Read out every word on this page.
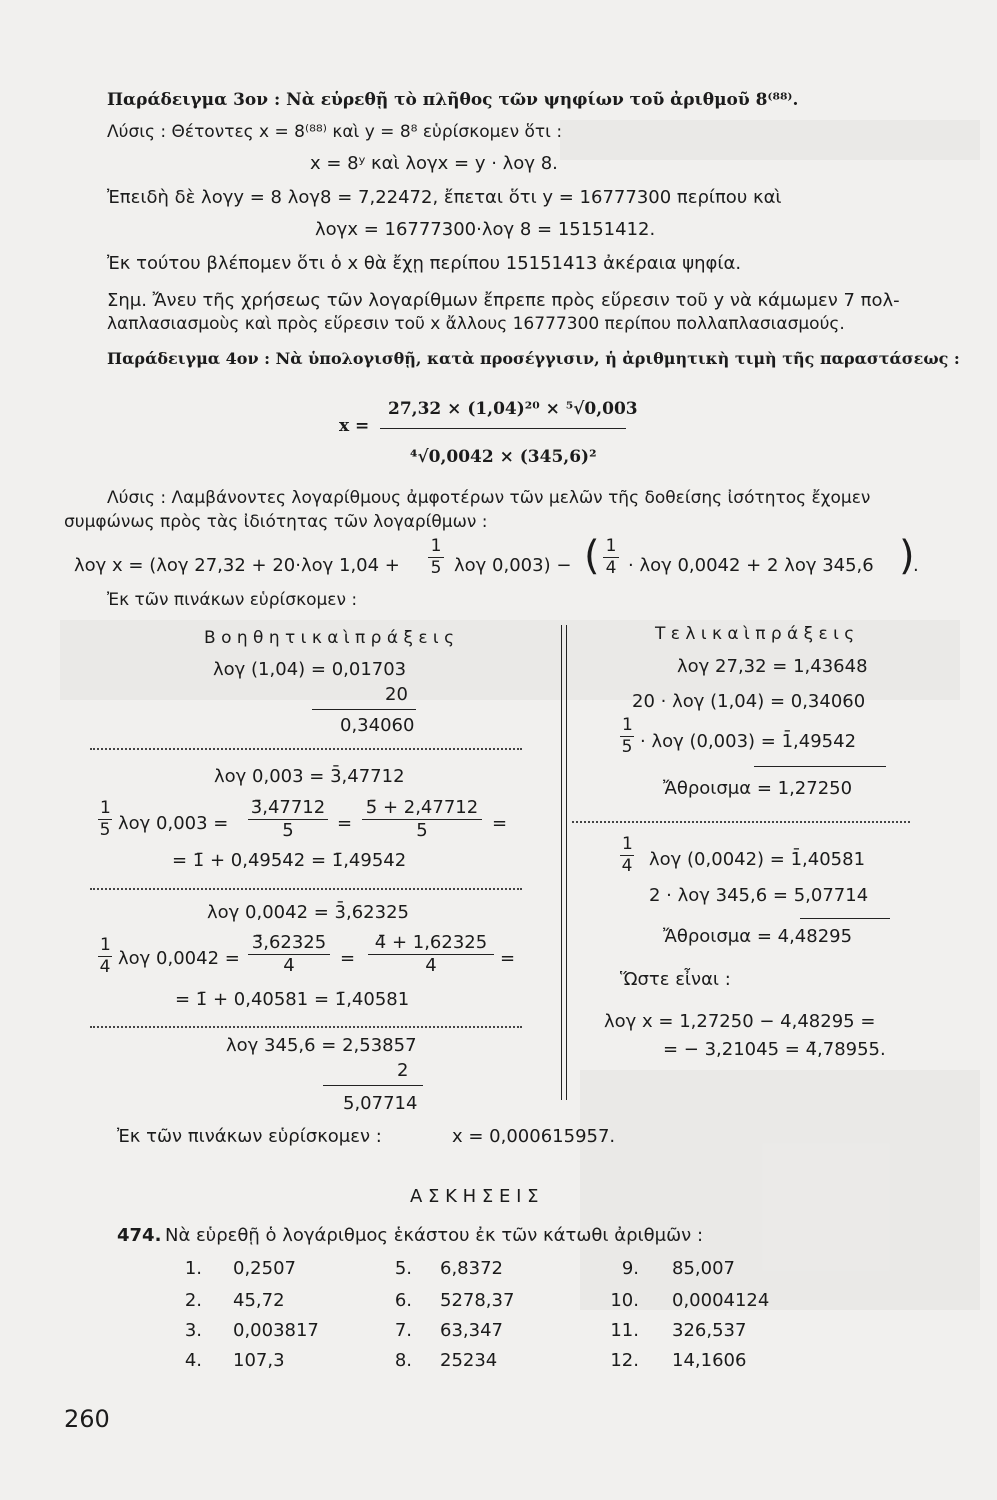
Παράδειγμα 3ον : Νὰ εὑρεθῇ τὸ πλῆθος τῶν ψηφίων τοῦ ἀριθμοῦ 8⁽⁸⁸⁾.
Λύσις : Θέτοντες x = 8⁽⁸⁸⁾ καὶ y = 8⁸ εὑρίσκομεν ὅτι :
x = 8ʸ καὶ λογx = y · λογ 8.
Ἐπειδὴ δὲ λογy = 8 λογ8 = 7,22472, ἔπεται ὅτι y = 16777300 περίπου καὶ
λογx = 16777300·λογ 8 = 15151412.
Ἐκ τούτου βλέπομεν ὅτι ὁ x θὰ ἔχῃ περίπου 15151413 ἀκέραια ψηφία.
Σημ. Ἄνευ τῆς χρήσεως τῶν λογαρίθμων ἔπρεπε πρὸς εὕρεσιν τοῦ y νὰ κάμωμεν 7 πολ-
λαπλασιασμοὺς καὶ πρὸς εὕρεσιν τοῦ x ἄλλους 16777300 περίπου πολλαπλασιασμούς.
Παράδειγμα 4ον : Νὰ ὑπολογισθῇ, κατὰ προσέγγισιν, ἡ ἀριθμητικὴ τιμὴ τῆς παραστάσεως :
x =
27,32 × (1,04)²⁰ × ⁵√0,003
⁴√0,0042 × (345,6)²
Λύσις : Λαμβάνοντες λογαρίθμους ἀμφοτέρων τῶν μελῶν τῆς δοθείσης ἰσότητος ἔχομεν
συμφώνως πρὸς τὰς ἰδιότητας τῶν λογαρίθμων :
λογ x = (λογ 27,32 + 20·λογ $1,04 + \frac{1}{5}$ λογ 0,003) − ( $\frac{1}{4} \cdot \lambda o\gamma$ 0,0042 + 2 λογ 345,6 )
.
Ἐκ τῶν πινάκων εὑρίσκομεν :
Β ο η θ η τ ι κ α ὶ π ρ ά ξ ε ι ς
λογ (1,04) = 0,01703
20
0,34060
λογ 0,003 = 3̄,47712
$\frac{1}{5}$ λογ $0,003 = \frac{3̄,47712}{5} = \frac{5̄ + 2,47712}{5}$ =
= 1̄ + 0,49542 = 1̄,49542
λογ 0,0042 = 3̄,62325
$\frac{1}{4}$ λογ $0,0042 = \frac{3̄,62325}{4} = \frac{4̄ + 1,62325}{4}$ =
= 1̄ + 0,40581 = 1̄,40581
λογ 345,6 = 2,53857
2
5,07714
Τ ε λ ι κ α ὶ π ρ ά ξ ε ι ς
λογ 27,32 = 1,43648
20 · λογ (1,04) = 0,34060
$\frac{1}{5} \cdot \lambda o\gamma$ (0,003) = 1̄,49542
Ἄθροισμα = 1,27250
$\frac{1}{4}$ λογ (0,0042) = 1̄,40581
2 · λογ 345,6 = 5,07714
Ἄθροισμα = 4,48295
Ὥστε εἶναι :
λογ x = 1,27250 − 4,48295 =
= − 3,21045 = 4̄,78955.
Ἐκ τῶν πινάκων εὑρίσκομεν :	x = 0,000615957.
Α Σ Κ Η Σ Ε Ι Σ
474. Νὰ εὑρεθῇ ὁ λογάριθμος ἑκάστου ἐκ τῶν κάτωθι ἀριθμῶν :
1. 0,2507
2. 45,72
3. 0,003817
4. 107,3
5. 6,8372
6. 5278,37
7. 63,347
8. 25234
9. 85,007
10. 0,0004124
11. 326,537
12. 14,1606
260
